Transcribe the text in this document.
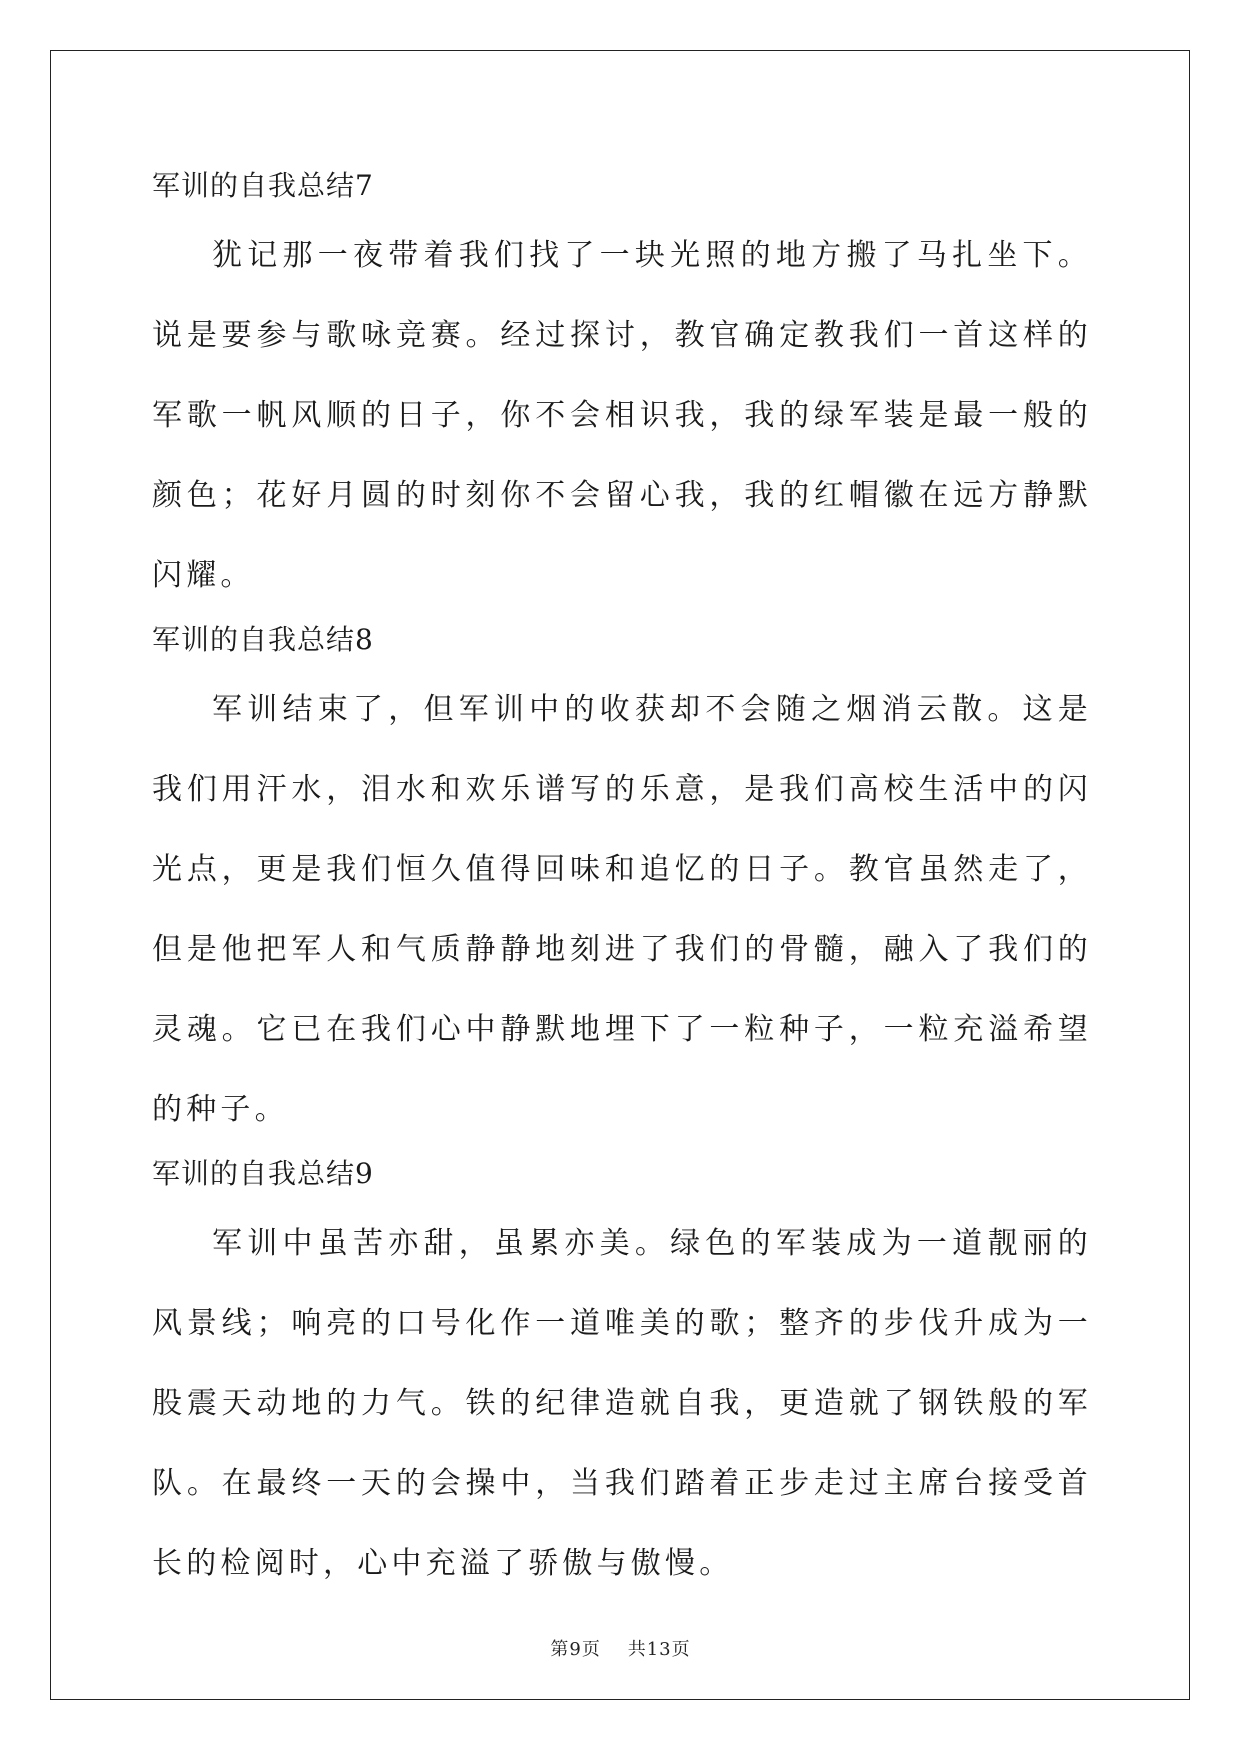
军训的自我总结7

犹记那一夜带着我们找了一块光照的地方搬了马扎坐下。说是要参与歌咏竞赛。经过探讨，教官确定教我们一首这样的军歌一帆风顺的日子，你不会相识我，我的绿军装是最一般的颜色；花好月圆的时刻你不会留心我，我的红帽徽在远方静默闪耀。

军训的自我总结8

军训结束了，但军训中的收获却不会随之烟消云散。这是我们用汗水，泪水和欢乐谱写的乐意，是我们高校生活中的闪光点，更是我们恒久值得回味和追忆的日子。教官虽然走了，但是他把军人和气质静静地刻进了我们的骨髓，融入了我们的灵魂。它已在我们心中静默地埋下了一粒种子，一粒充溢希望的种子。

军训的自我总结9

军训中虽苦亦甜，虽累亦美。绿色的军装成为一道靓丽的风景线；响亮的口号化作一道唯美的歌；整齐的步伐升成为一股震天动地的力气。铁的纪律造就自我，更造就了钢铁般的军队。在最终一天的会操中，当我们踏着正步走过主席台接受首长的检阅时，心中充溢了骄傲与傲慢。

第9页 共13页
